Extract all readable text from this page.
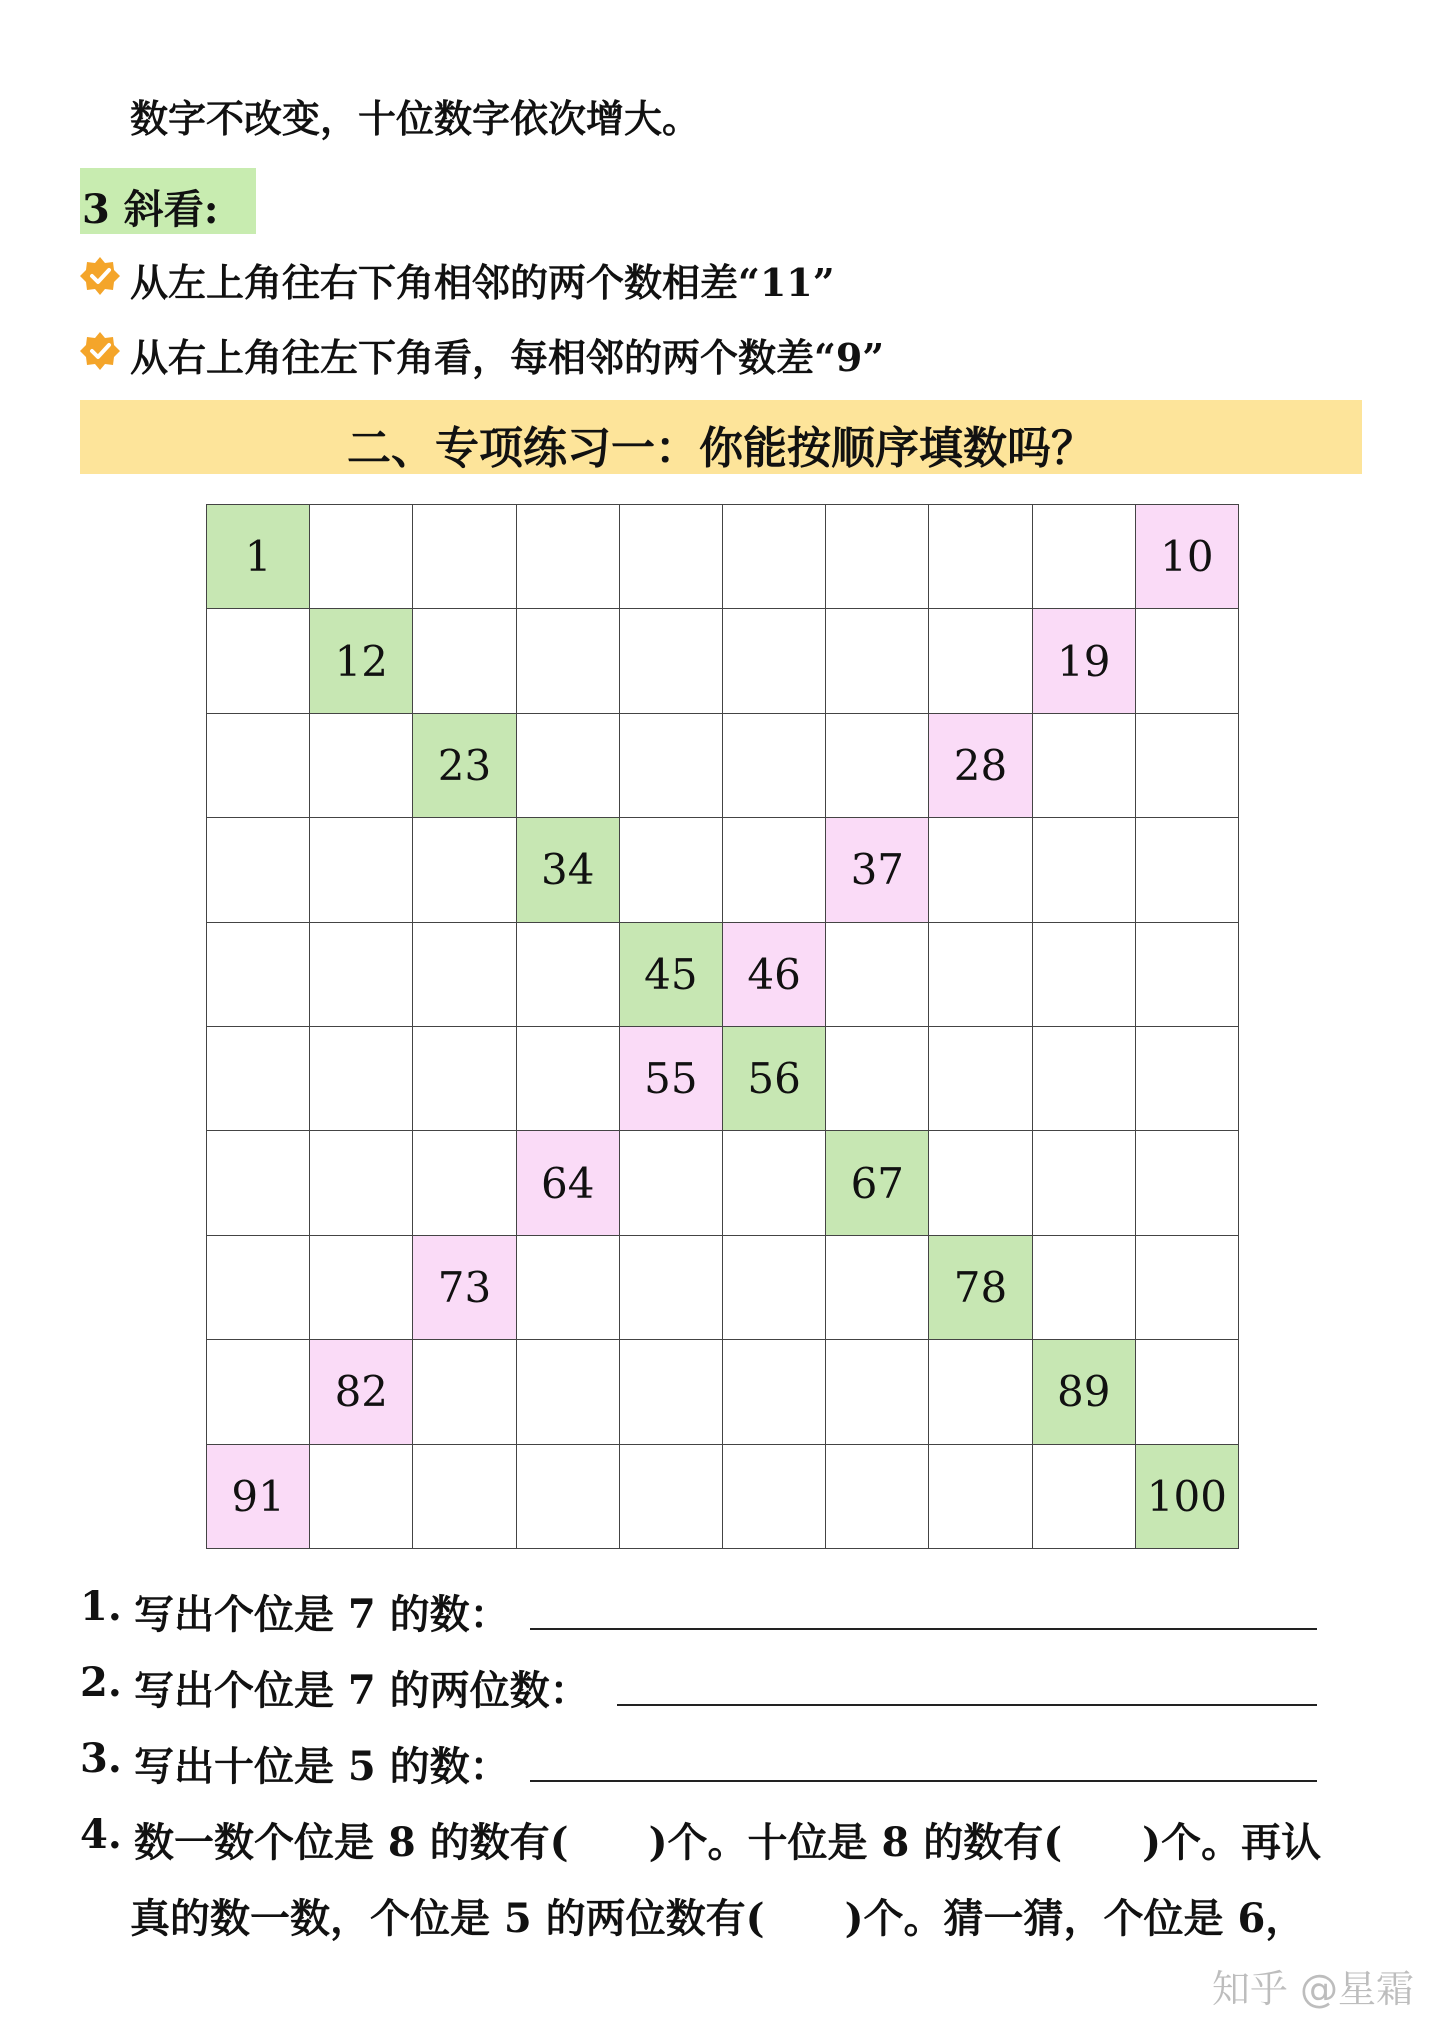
数字不改变，十位数字依次增大。
3 斜看:
从左上角往右下角相邻的两个数相差“11”
从右上角往左下角看，每相邻的两个数差“9”
二、专项练习一：你能按顺序填数吗？
1	10
12	19
23	28
34	37
45	46
55	56
64	67
73	78
82	89
91	100
1. 写出个位是 7 的数：
2. 写出个位是 7 的两位数：
3. 写出十位是 5 的数：
4. 数一数个位是 8 的数有(　　)个。十位是 8 的数有(　　)个。再认
真的数一数，个位是 5 的两位数有(　　)个。猜一猜，个位是 6，
知乎 @星霜
